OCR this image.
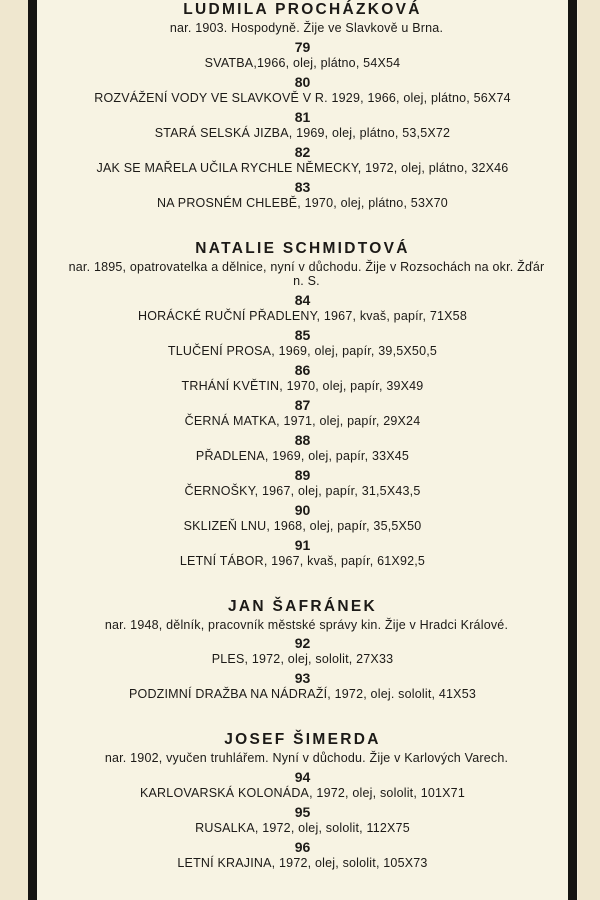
LUDMILA PROCHÁZKOVÁ
nar. 1903. Hospodyně. Žije ve Slavkově u Brna.
79
SVATBA,1966, olej, plátno, 54X54
80
ROZVÁŽENÍ VODY VE SLAVKOVĚ V R. 1929, 1966, olej, plátno, 56X74
81
STARÁ SELSKÁ JIZBA, 1969, olej, plátno, 53,5X72
82
JAK SE MAŘELA UČILA RYCHLE NĚMECKY, 1972, olej, plátno, 32X46
83
NA PROSNÉM CHLEBĚ, 1970, olej, plátno, 53X70
NATALIE SCHMIDTOVÁ
nar. 1895, opatrovatelka a dělnice, nyní v důchodu. Žije v Rozsochách na okr. Žďár n. S.
84
HORÁCKÉ RUČNÍ PŘADLENY, 1967, kvaš, papír, 71X58
85
TLUČENÍ PROSA, 1969, olej, papír, 39,5X50,5
86
TRHÁNÍ KVĚTIN, 1970, olej, papír, 39X49
87
ČERNÁ MATKA, 1971, olej, papír, 29X24
88
PŘADLENA, 1969, olej, papír, 33X45
89
ČERNOŠKY, 1967, olej, papír, 31,5X43,5
90
SKLIZEŇ LNU, 1968, olej, papír, 35,5X50
91
LETNÍ TÁBOR, 1967, kvaš, papír, 61X92,5
JAN ŠAFRÁNEK
nar. 1948, dělník, pracovník městské správy kin. Žije v Hradci Králové.
92
PLES, 1972, olej, sololit, 27X33
93
PODZIMNÍ DRAŽBA NA NÁDRAŽÍ, 1972, olej. sololit, 41X53
JOSEF ŠIMERDA
nar. 1902, vyučen truhlářem. Nyní v důchodu. Žije v Karlových Varech.
94
KARLOVARSKÁ KOLONÁDA, 1972, olej, sololit, 101X71
95
RUSALKA, 1972, olej, sololit, 112X75
96
LETNÍ KRAJINA, 1972, olej, sololit, 105X73
